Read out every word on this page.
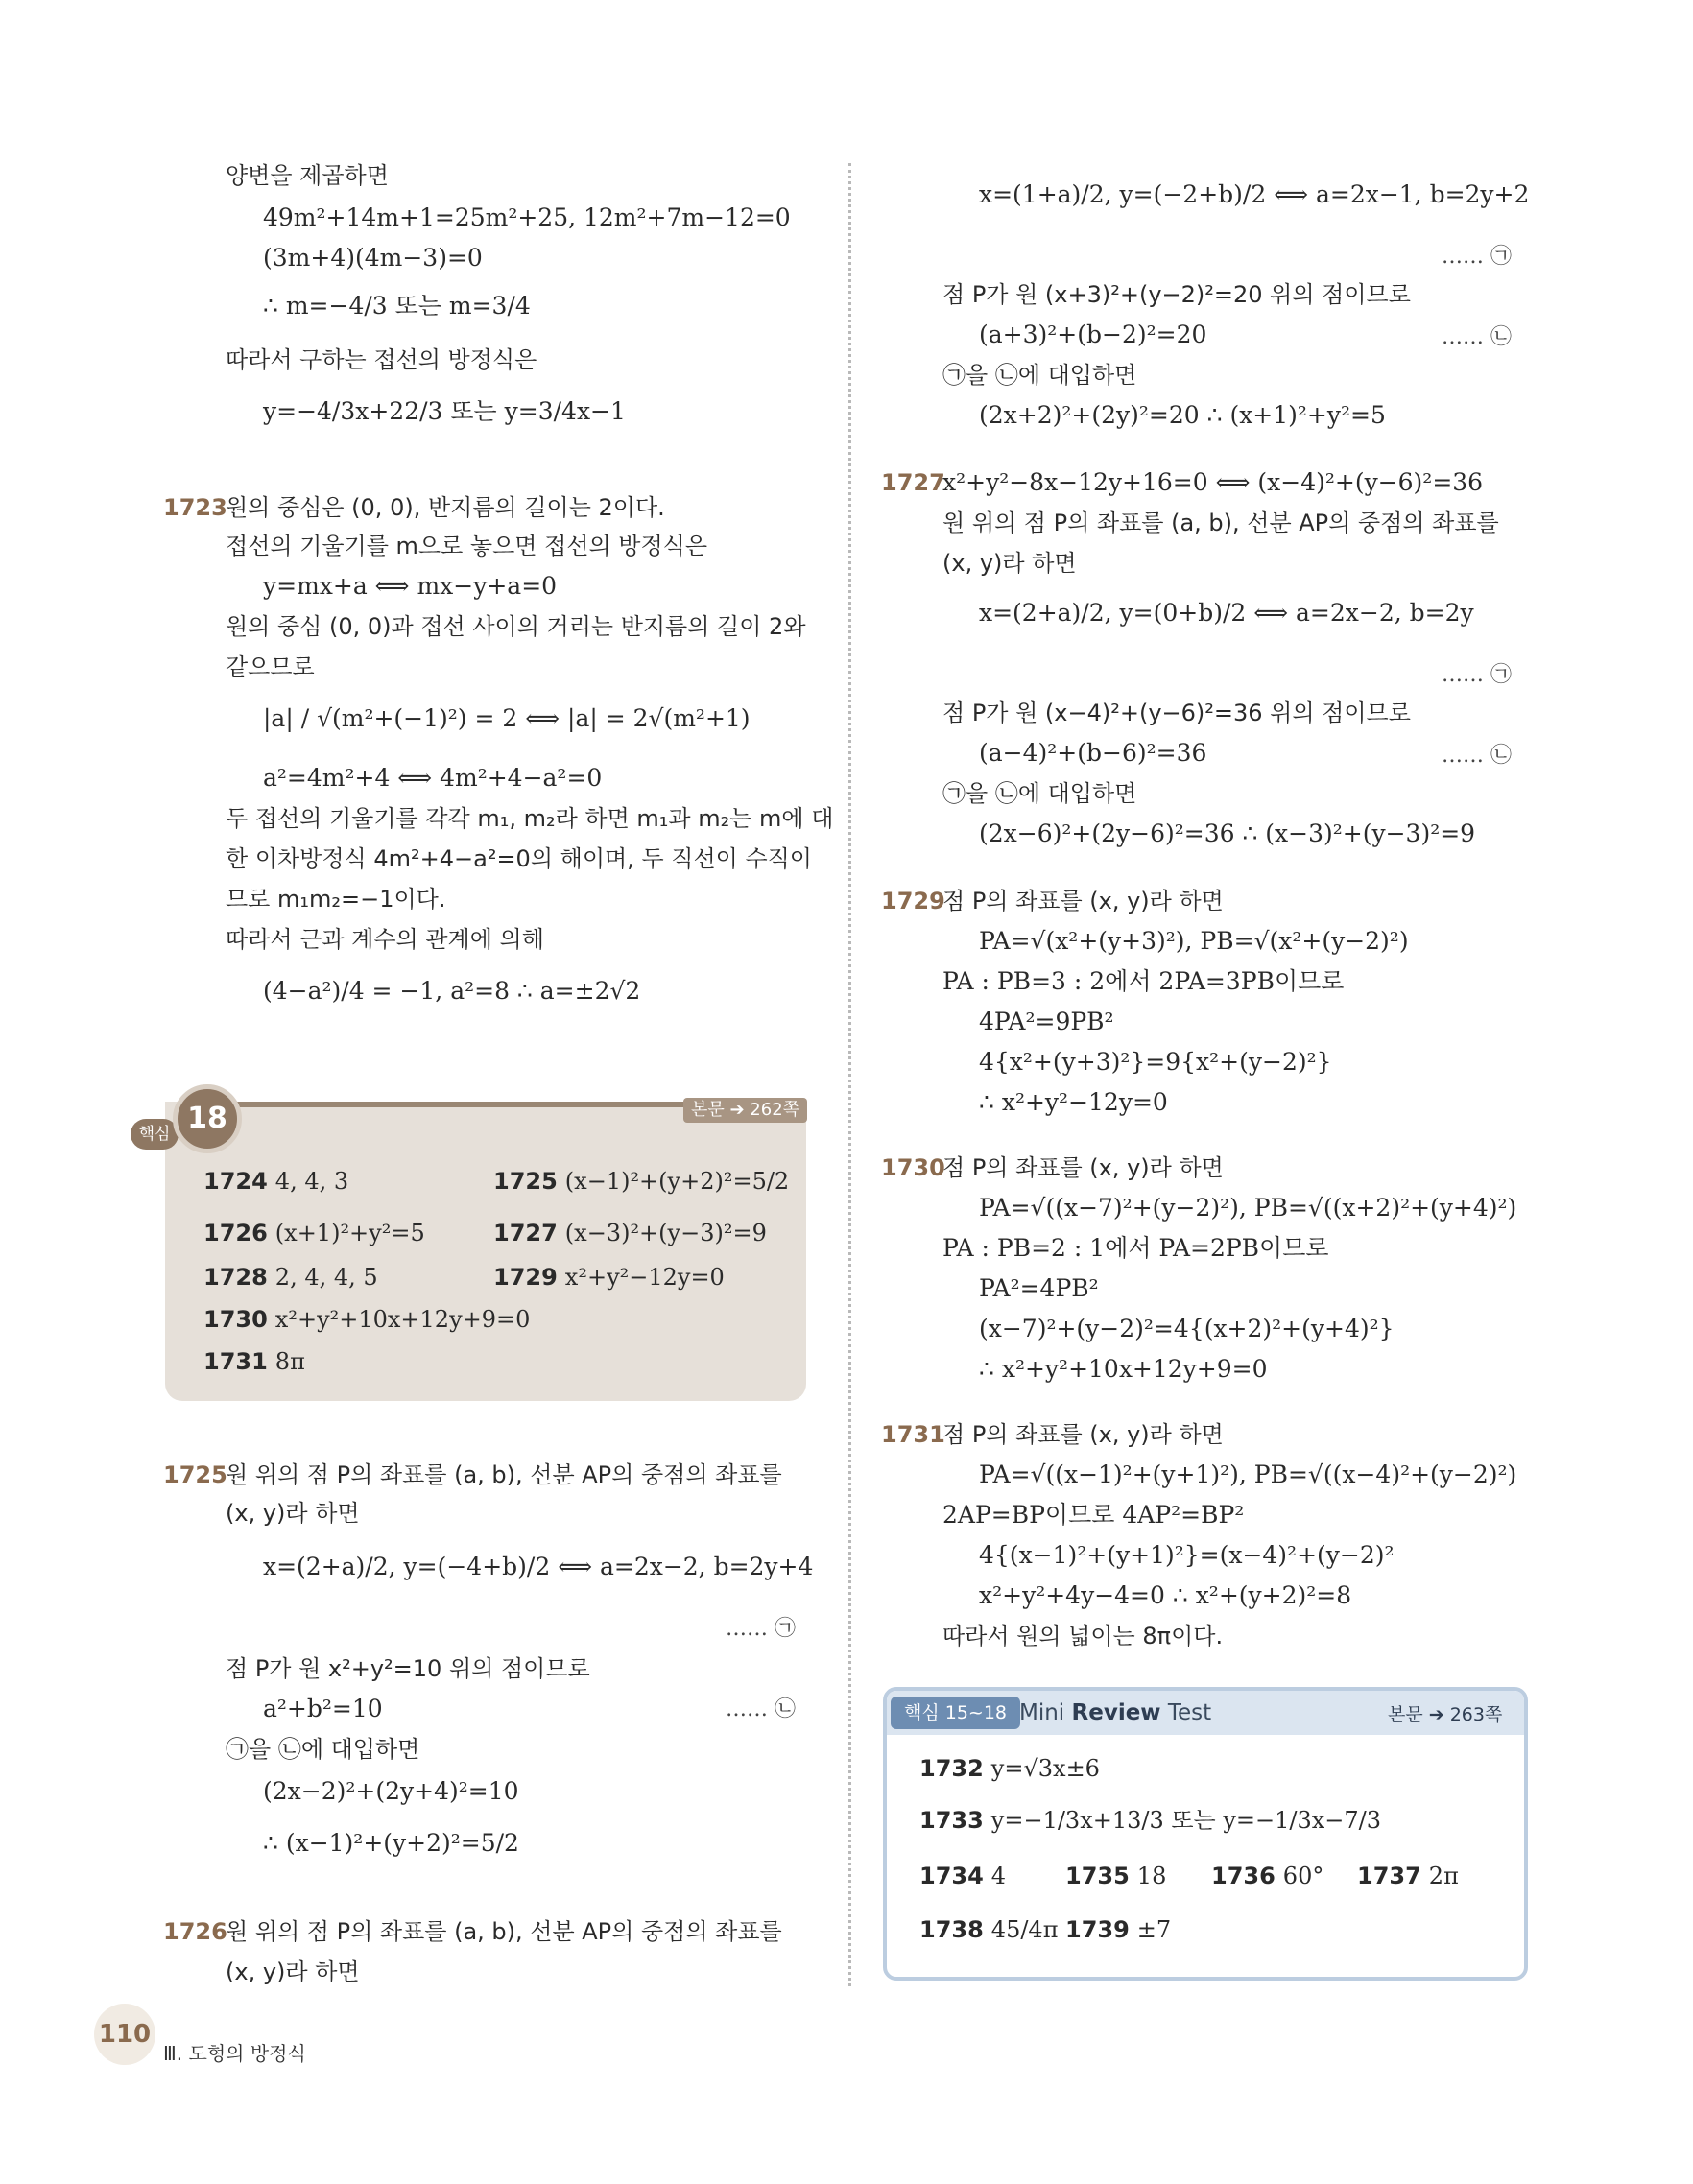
양변을 제곱하면
49m²+14m+1=25m²+25, 12m²+7m−12=0
(3m+4)(4m−3)=0
∴ m=−4/3 또는 m=3/4
따라서 구하는 접선의 방정식은
y=−4/3x+22/3 또는 y=3/4x−1
1723
원의 중심은 (0, 0), 반지름의 길이는 2이다.
접선의 기울기를 m으로 놓으면 접선의 방정식은
y=mx+a ⟺ mx−y+a=0
원의 중심 (0, 0)과 접선 사이의 거리는 반지름의 길이 2와
같으므로
|a| / √(m²+(−1)²) = 2 ⟺ |a| = 2√(m²+1)
a²=4m²+4 ⟺ 4m²+4−a²=0
두 접선의 기울기를 각각 m₁, m₂라 하면 m₁과 m₂는 m에 대
한 이차방정식 4m²+4−a²=0의 해이며, 두 직선이 수직이
므로 m₁m₂=−1이다.
따라서 근과 계수의 관계에 의해
(4−a²)/4 = −1, a²=8 ∴ a=±2√2
핵심 18	본문 ➔ 262쪽
1724 4, 4, 3	1725 (x−1)²+(y+2)²=5/2
1726 (x+1)²+y²=5	1727 (x−3)²+(y−3)²=9
1728 2, 4, 4, 5	1729 x²+y²−12y=0
1730 x²+y²+10x+12y+9=0
1731 8π
1725
원 위의 점 P의 좌표를 (a, b), 선분 AP의 중점의 좌표를
(x, y)라 하면
x=(2+a)/2, y=(−4+b)/2 ⟺ a=2x−2, b=2y+4
…… ㉠
점 P가 원 x²+y²=10 위의 점이므로
a²+b²=10	…… ㉡
㉠을 ㉡에 대입하면
(2x−2)²+(2y+4)²=10
∴ (x−1)²+(y+2)²=5/2
1726
원 위의 점 P의 좌표를 (a, b), 선분 AP의 중점의 좌표를
(x, y)라 하면
x=(1+a)/2, y=(−2+b)/2 ⟺ a=2x−1, b=2y+2
…… ㉠
점 P가 원 (x+3)²+(y−2)²=20 위의 점이므로
(a+3)²+(b−2)²=20	…… ㉡
㉠을 ㉡에 대입하면
(2x+2)²+(2y)²=20 ∴ (x+1)²+y²=5
1727
x²+y²−8x−12y+16=0 ⟺ (x−4)²+(y−6)²=36
원 위의 점 P의 좌표를 (a, b), 선분 AP의 중점의 좌표를
(x, y)라 하면
x=(2+a)/2, y=(0+b)/2 ⟺ a=2x−2, b=2y
…… ㉠
점 P가 원 (x−4)²+(y−6)²=36 위의 점이므로
(a−4)²+(b−6)²=36	…… ㉡
㉠을 ㉡에 대입하면
(2x−6)²+(2y−6)²=36 ∴ (x−3)²+(y−3)²=9
1729
점 P의 좌표를 (x, y)라 하면
PA=√(x²+(y+3)²), PB=√(x²+(y−2)²)
PA : PB=3 : 2에서 2PA=3PB이므로
4PA²=9PB²
4{x²+(y+3)²}=9{x²+(y−2)²}
∴ x²+y²−12y=0
1730
점 P의 좌표를 (x, y)라 하면
PA=√((x−7)²+(y−2)²), PB=√((x+2)²+(y+4)²)
PA : PB=2 : 1에서 PA=2PB이므로
PA²=4PB²
(x−7)²+(y−2)²=4{(x+2)²+(y+4)²}
∴ x²+y²+10x+12y+9=0
1731
점 P의 좌표를 (x, y)라 하면
PA=√((x−1)²+(y+1)²), PB=√((x−4)²+(y−2)²)
2AP=BP이므로 4AP²=BP²
4{(x−1)²+(y+1)²}=(x−4)²+(y−2)²
x²+y²+4y−4=0 ∴ x²+(y+2)²=8
따라서 원의 넓이는 8π이다.
핵심 15~18 Mini Review Test	본문 ➔ 263쪽
1732 y=√3x±6
1733 y=−1/3x+13/3 또는 y=−1/3x−7/3
1734 4	1735 18 1736 60° 1737 2π
1738 45/4π 1739 ±7
110
Ⅲ. 도형의 방정식
